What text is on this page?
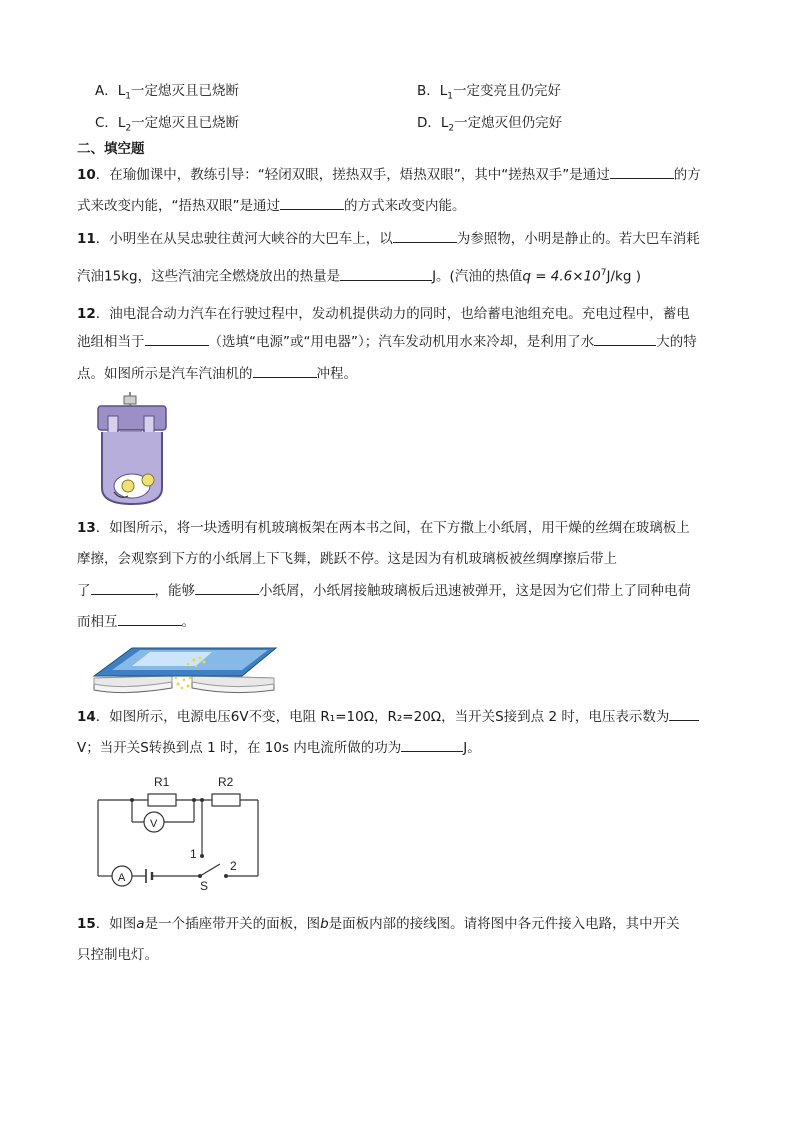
A．$L_1$一定熄灭且已烧断	B．$L_1$一定变亮且仍完好
C．$L_2$一定熄灭且已烧断	D．$L_2$一定熄灭但仍完好
二、填空题
10．在瑜伽课中，教练引导：“轻闭双眼，搓热双手，焐热双眼”，其中“搓热双手”是通过	的方
式来改变内能，“捂热双眼”是通过	的方式来改变内能。
11．小明坐在从吴忠驶往黄河大峡谷的大巴车上，以	为参照物，小明是静止的。若大巴车消耗
汽油15kg，这些汽油完全燃烧放出的热量是	J。(汽油的热值$q = 4.6\times 10^7J/kg$ )
12．油电混合动力汽车在行驶过程中，发动机提供动力的同时，也给蓄电池组充电。充电过程中，蓄电
池组相当于	（选填“电源”或“用电器”）；汽车发动机用水来冷却，是利用了水	大的特
点。如图所示是汽车汽油机的	冲程。
13．如图所示，将一块透明有机玻璃板架在两本书之间，在下方撒上小纸屑，用干燥的丝绸在玻璃板上
摩擦，会观察到下方的小纸屑上下飞舞，跳跃不停。这是因为有机玻璃板被丝绸摩擦后带上
了	，能够	小纸屑，小纸屑接触玻璃板后迅速被弹开，这是因为它们带上了同种电荷
而相互	。
14．如图所示，电源电压6V不变，电阻 R₁=10Ω，R₂=20Ω，当开关S接到点 2 时，电压表示数为
V；当开关S转换到点 1 时，在 10s 内电流所做的功为	J。
R1	R2
V
A
1
2
S
15．如图a是一个插座带开关的面板，图b是面板内部的接线图。请将图中各元件接入电路，其中开关
只控制电灯。
